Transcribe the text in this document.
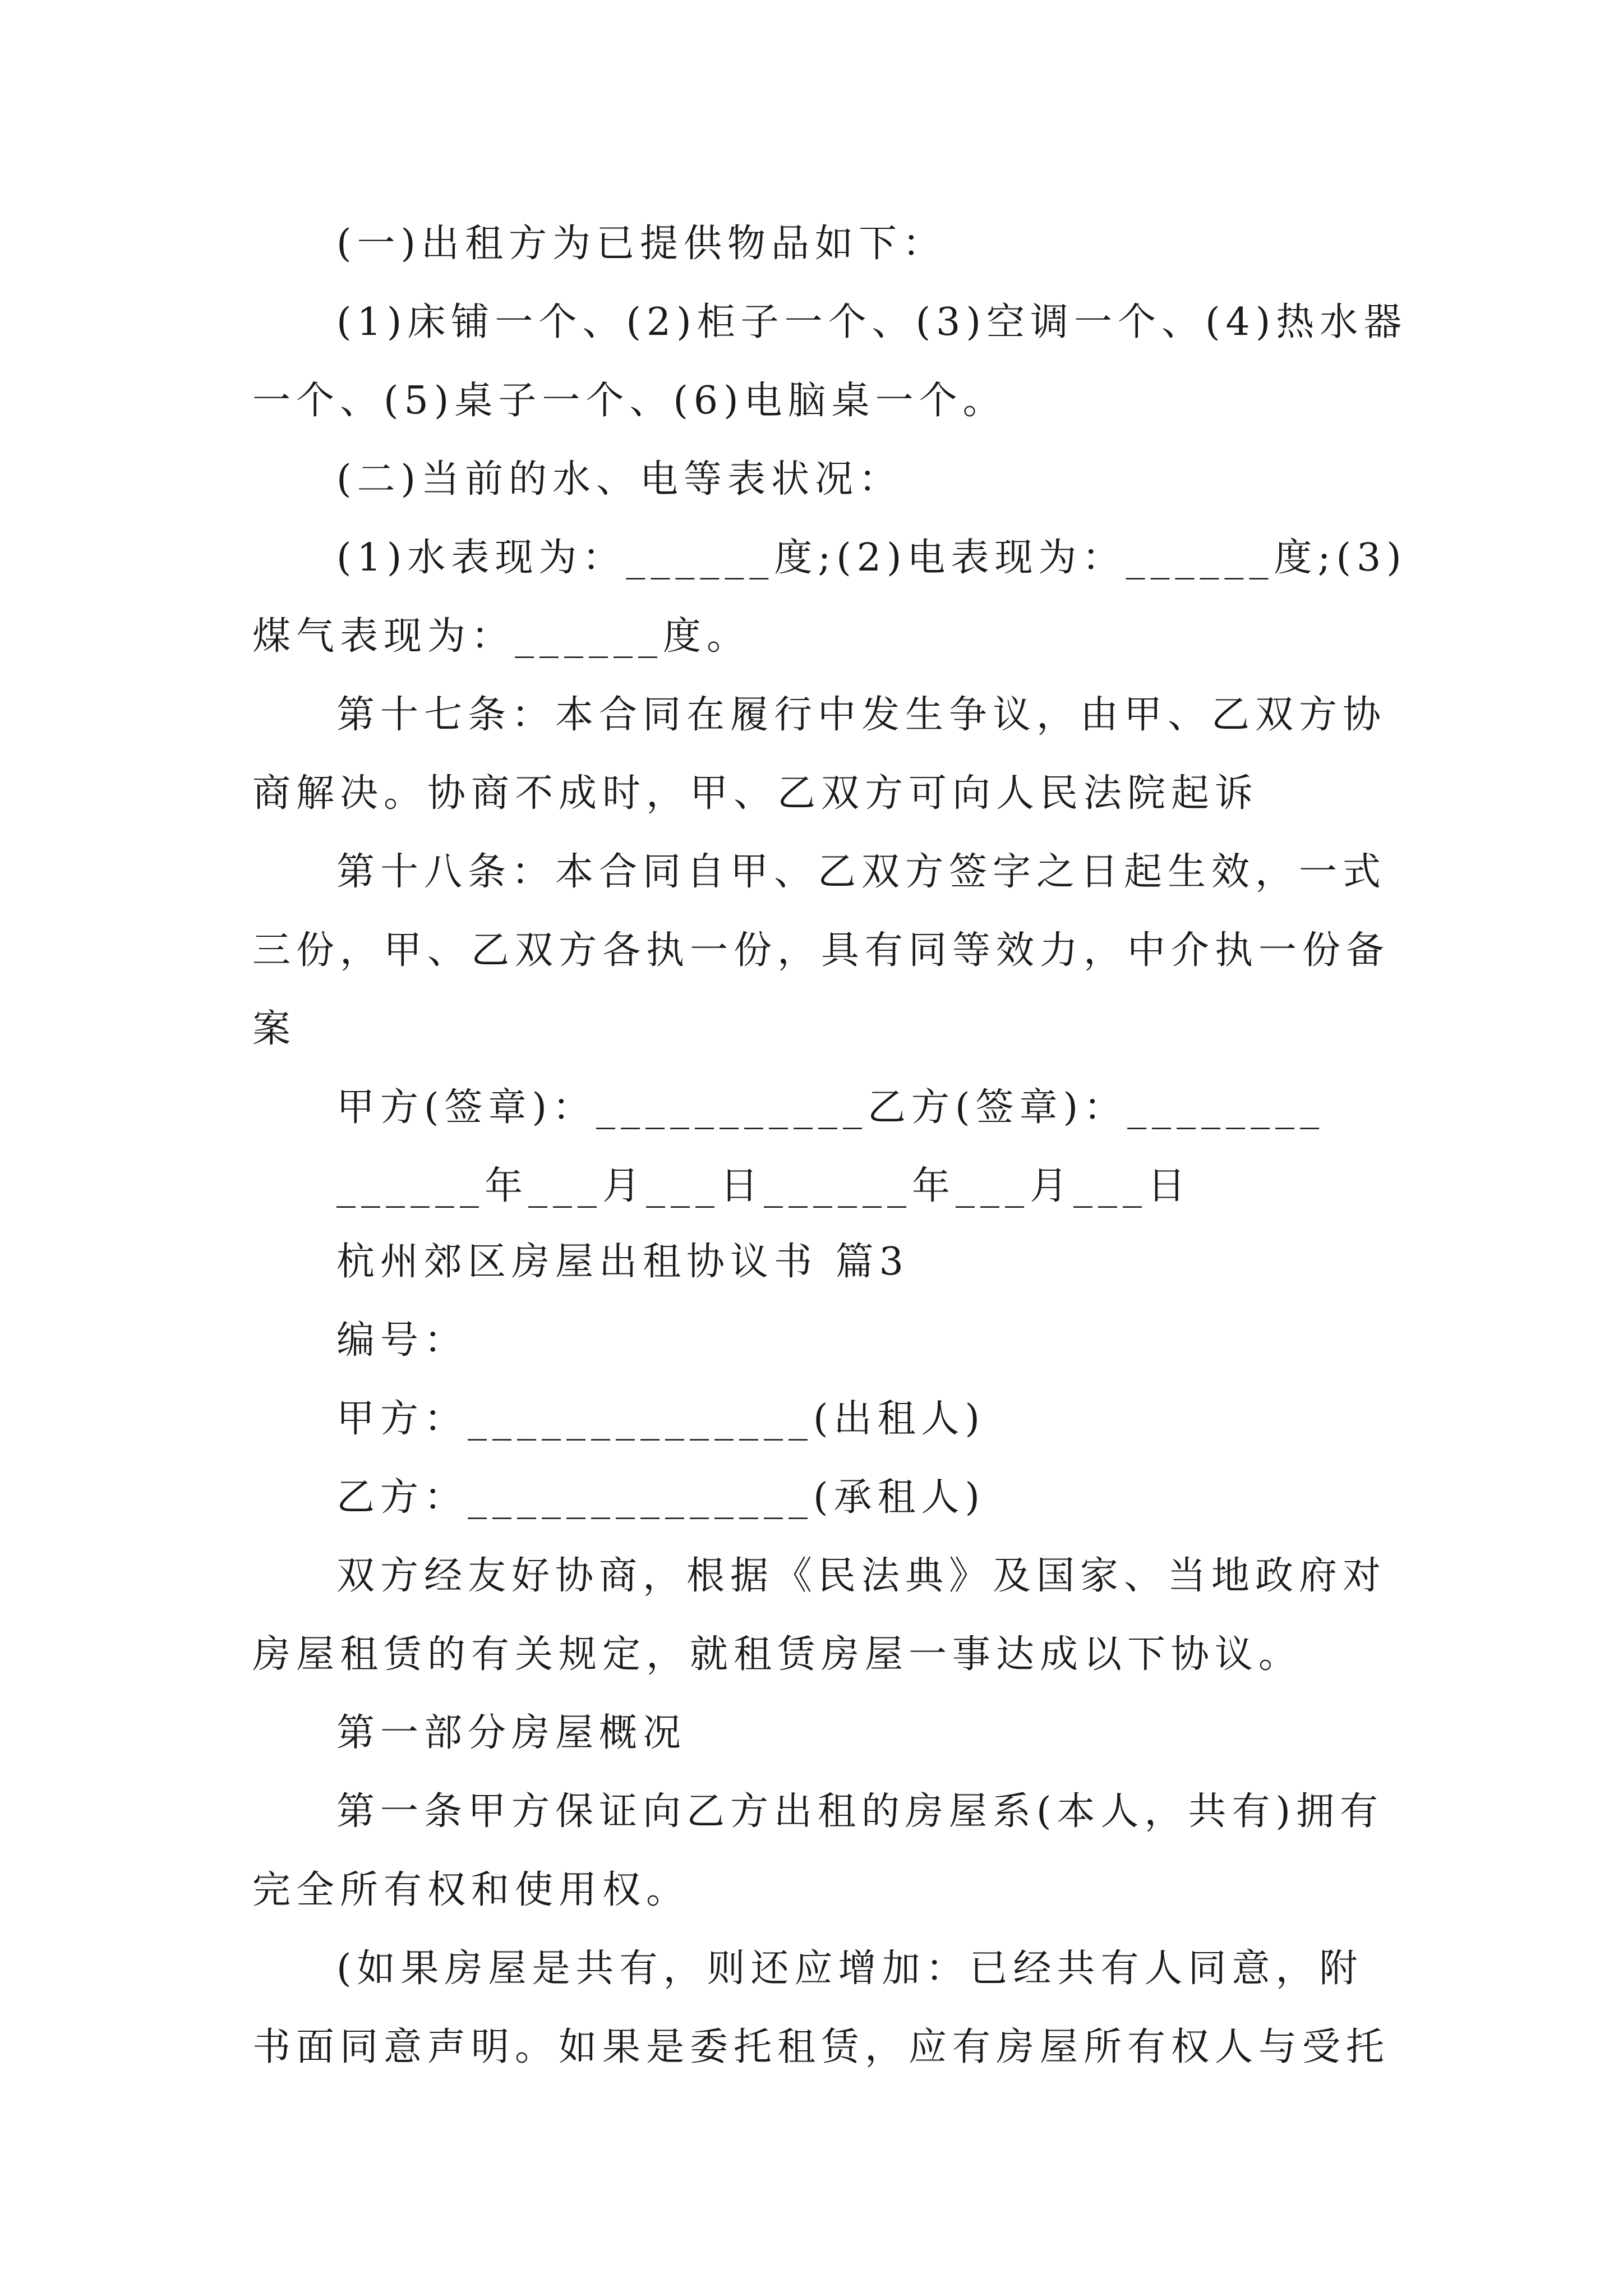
(一)出租方为已提供物品如下：

(1)床铺一个、(2)柜子一个、(3)空调一个、(4)热水器

一个、(5)桌子一个、(6)电脑桌一个。

(二)当前的水、电等表状况：

(1)水表现为：______度;(2)电表现为：______度;(3)

煤气表现为：______度。

第十七条：本合同在履行中发生争议，由甲、乙双方协

商解决。协商不成时，甲、乙双方可向人民法院起诉

第十八条：本合同自甲、乙双方签字之日起生效，一式

三份，甲、乙双方各执一份，具有同等效力，中介执一份备

案

甲方(签章)：___________乙方(签章)：________

______年___月___日______年___月___日

杭州郊区房屋出租协议书 篇3

编号：

甲方：______________(出租人)

乙方：______________(承租人)

双方经友好协商，根据《民法典》及国家、当地政府对

房屋租赁的有关规定，就租赁房屋一事达成以下协议。

第一部分房屋概况

第一条甲方保证向乙方出租的房屋系(本人，共有)拥有

完全所有权和使用权。

(如果房屋是共有，则还应增加：已经共有人同意，附

书面同意声明。如果是委托租赁，应有房屋所有权人与受托
